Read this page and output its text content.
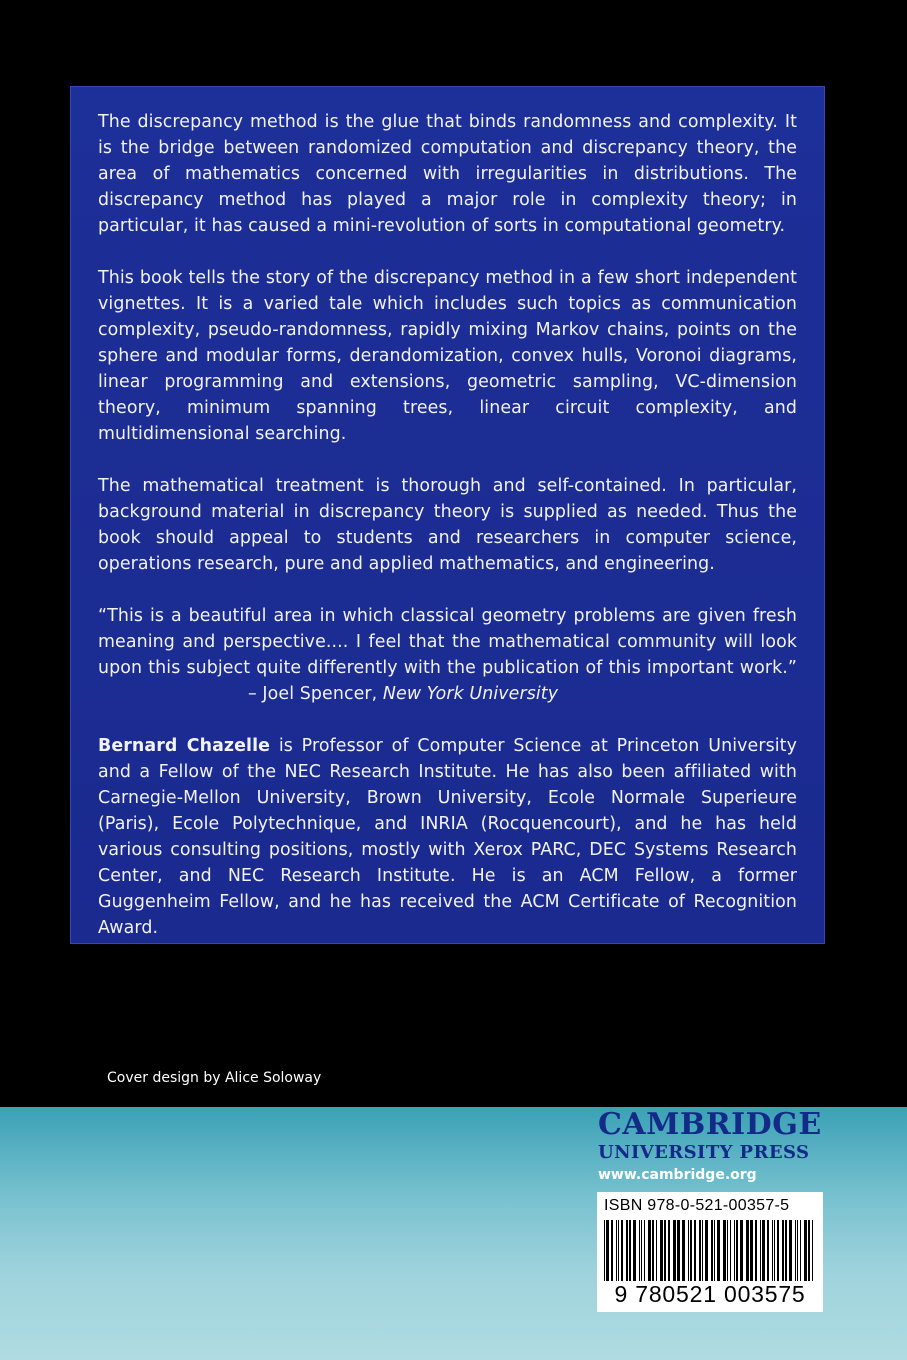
The discrepancy method is the glue that binds randomness and complexity. It is the bridge between randomized computation and discrepancy theory, the area of mathematics concerned with irregularities in distributions. The discrepancy method has played a major role in complexity theory; in particular, it has caused a mini-revolution of sorts in computational geometry.

This book tells the story of the discrepancy method in a few short independent vignettes. It is a varied tale which includes such topics as communication complexity, pseudo-randomness, rapidly mixing Markov chains, points on the sphere and modular forms, derandomization, convex hulls, Voronoi diagrams, linear programming and extensions, geometric sampling, VC-dimension theory, minimum spanning trees, linear circuit complexity, and multidimensional searching.

The mathematical treatment is thorough and self-contained. In particular, background material in discrepancy theory is supplied as needed. Thus the book should appeal to students and researchers in computer science, operations research, pure and applied mathematics, and engineering.

“This is a beautiful area in which classical geometry problems are given fresh meaning and perspective.... I feel that the mathematical community will look upon this subject quite differently with the publication of this important work.”– Joel Spencer, New York University

Bernard Chazelle is Professor of Computer Science at Princeton University and a Fellow of the NEC Research Institute. He has also been affiliated with Carnegie-Mellon University, Brown University, Ecole Normale Superieure (Paris), Ecole Polytechnique, and INRIA (Rocquencourt), and he has held various consulting positions, mostly with Xerox PARC, DEC Systems Research Center, and NEC Research Institute. He is an ACM Fellow, a former Guggenheim Fellow, and he has received the ACM Certificate of Recognition Award.

Cover design by Alice Soloway
CAMBRIDGE
UNIVERSITY PRESS
www.cambridge.org
ISBN 978-0-521-00357-5
9 780521 003575
